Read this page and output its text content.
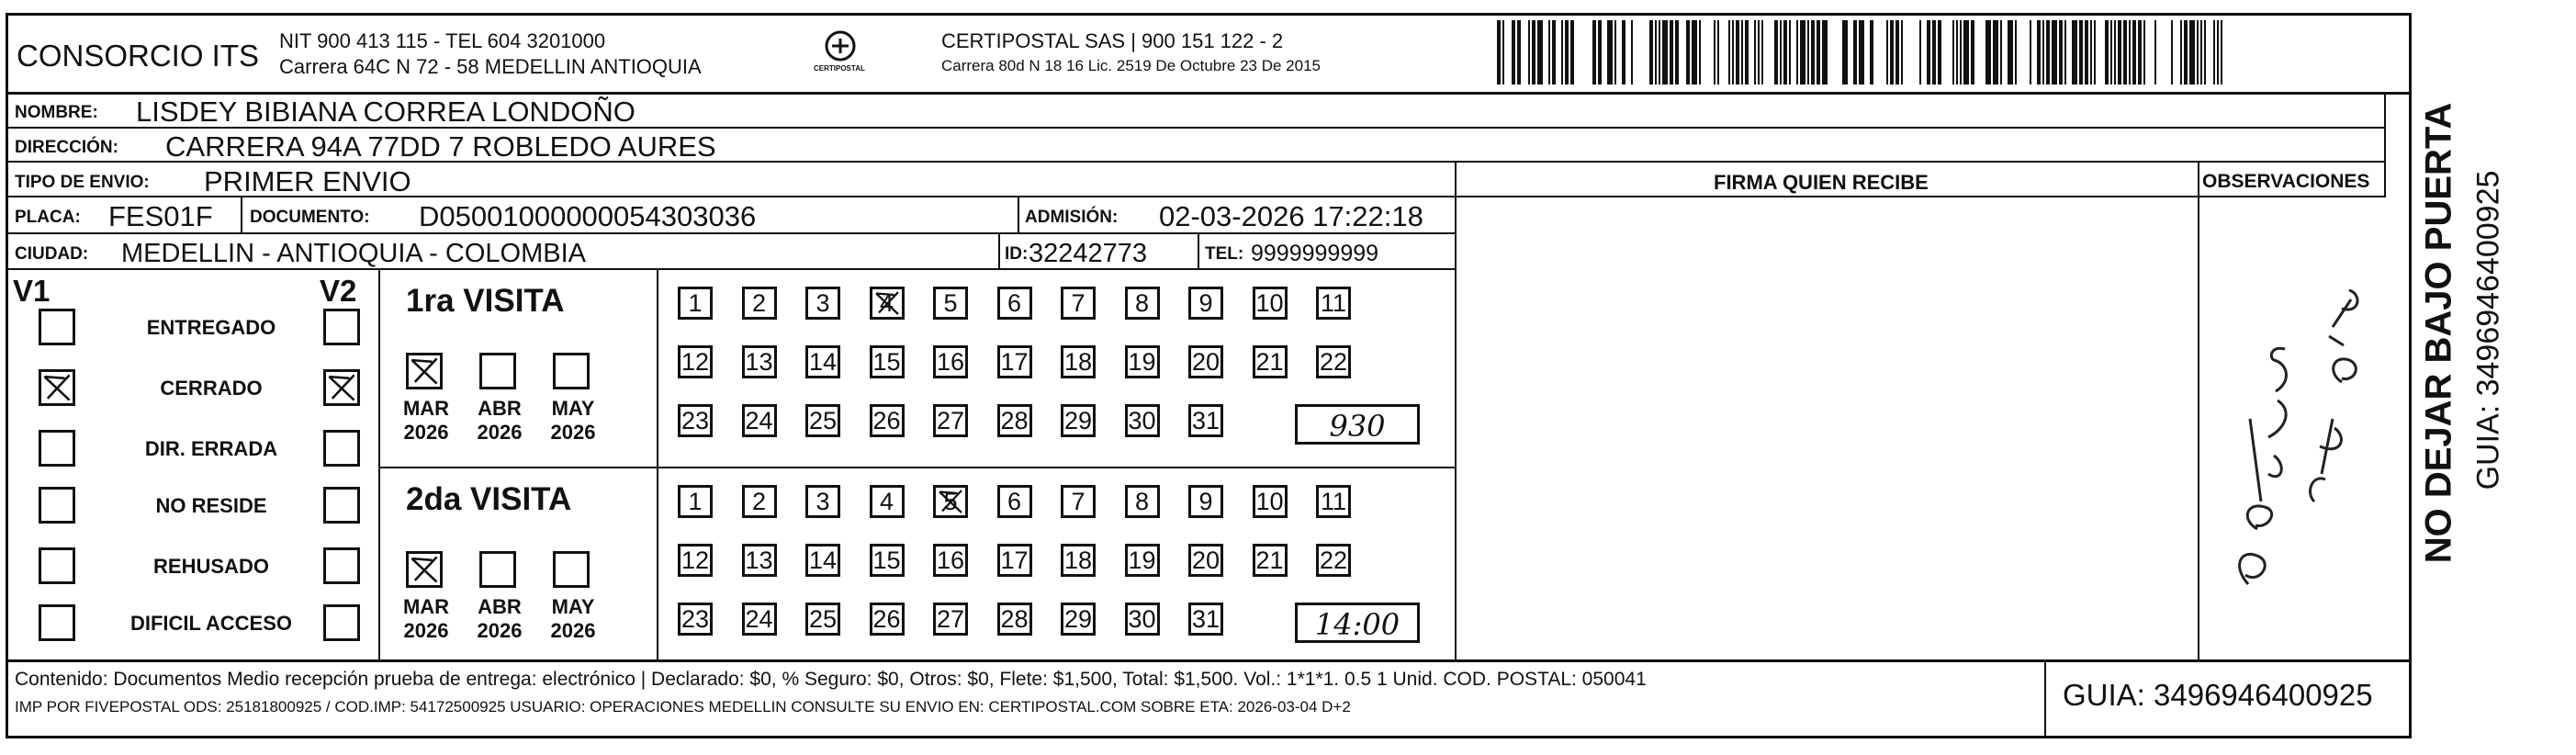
CONSORCIO ITS NIT 900 413 115 - TEL 604 3201000
Carrera 64C N 72 - 58 MEDELLIN ANTIOQUIA	CERTIPOSTAL
CERTIPOSTAL SAS | 900 151 122 - 2
Carrera 80d N 18 16 Lic. 2519 De Octubre 23 De 2015
NOMBRE: LISDEY BIBIANA CORREA LONDOÑO
DIRECCIÓN: CARRERA 94A 77DD 7 ROBLEDO AURES
TIPO DE ENVIO: PRIMER ENVIO
PLACA: FES01F DOCUMENTO: D05001000000054303036	ADMISIÓN: 02-03-2026 17:22:18
CIUDAD: MEDELLIN - ANTIOQUIA - COLOMBIA	ID: 32242773	TEL: 9999999999
FIRMA QUIEN RECIBE	OBSERVACIONES NO DEJAR BAJO PUERTA GUIA: 3496946400925
V1	V2
ENTREGADO
CERRADO
DIR. ERRADA
NO RESIDE
REHUSADO
DIFICIL ACCESO
1ra VISITA
MAR
2026
ABR
2026
MAY
2026
1	2	3	4	5	6	7	8	9	10 11
12 13 14 15 16 17 18 19 20 21 22
23 24 25 26 27 28 29 30 31	930
2da VISITA
MAR
2026
ABR
2026
MAY
2026
1	2	3	4	5	6	7	8	9	10 11
12 13 14 15 16 17 18 19 20 21 22
23 24 25 26 27 28 29 30 31	14:00
Contenido: Documentos Medio recepción prueba de entrega: electrónico | Declarado: $0, % Seguro: $0, Otros: $0, Flete: $1,500, Total: $1,500. Vol.: 1*1*1. 0.5 1 Unid. COD. POSTAL: 050041
IMP POR FIVEPOSTAL ODS: 25181800925 / COD.IMP: 54172500925 USUARIO: OPERACIONES MEDELLIN CONSULTE SU ENVIO EN: CERTIPOSTAL.COM SOBRE ETA: 2026-03-04 D+2	GUIA: 3496946400925
